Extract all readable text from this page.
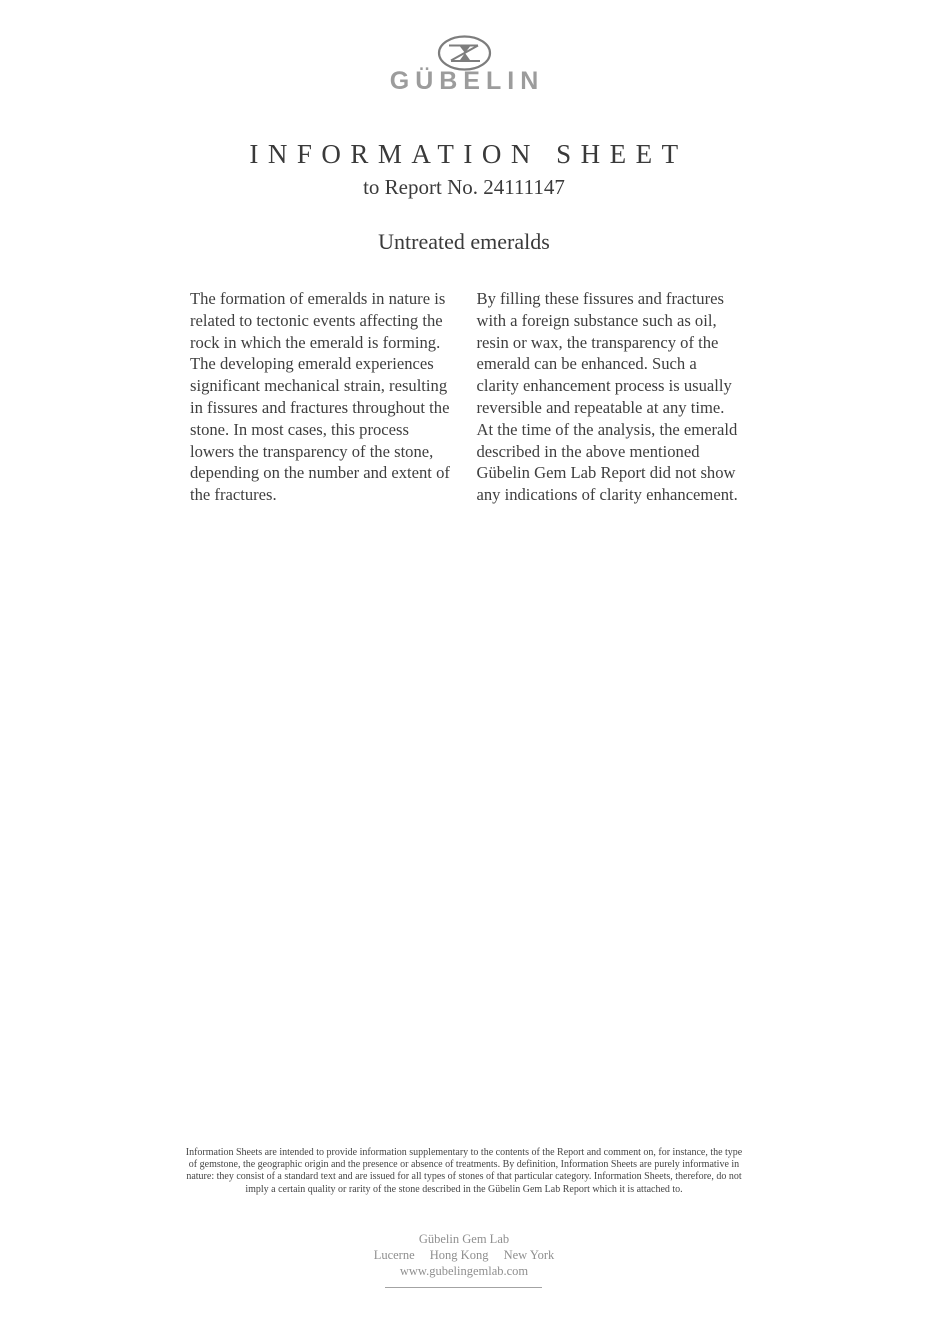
GÜBELIN
INFORMATION SHEET
to Report No. 24111147
Untreated emeralds
The formation of emeralds in nature is related to tectonic events affecting the rock in which the emerald is forming. The developing emerald experiences significant mechanical strain, resulting in fissures and fractures throughout the stone. In most cases, this process lowers the transparency of the stone, depending on the number and extent of the fractures.
By filling these fissures and fractures with a foreign substance such as oil, resin or wax, the transparency of the emerald can be enhanced. Such a clarity enhancement process is usually reversible and repeatable at any time. At the time of the analysis, the emerald described in the above mentioned Gübelin Gem Lab Report did not show any indications of clarity enhancement.
Information Sheets are intended to provide information supplementary to the contents of the Report and comment on, for instance, the type of gemstone, the geographic origin and the presence or absence of treatments. By definition, Information Sheets are purely informative in nature: they consist of a standard text and are issued for all types of stones of that particular category. Information Sheets, therefore, do not imply a certain quality or rarity of the stone described in the Gübelin Gem Lab Report which it is attached to.
Gübelin Gem Lab
Lucerne Hong Kong New York
www.gubelingemlab.com
